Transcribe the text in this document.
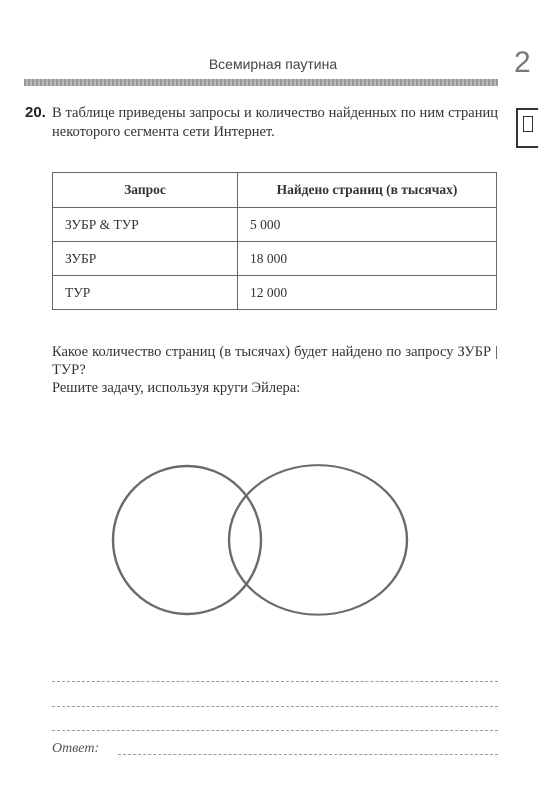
Всемирная паутина	2
20. В таблице приведены запросы и количество найденных по ним страниц некоторого сегмента сети Интернет.
Запрос	Найдено страниц (в тысячах)
ЗУБР & ТУР	5 000
ЗУБР	18 000
ТУР	12 000
Какое количество страниц (в тысячах) будет найдено по запросу ЗУБР | ТУР?
Решите задачу, используя круги Эйлера:
Ответ:
